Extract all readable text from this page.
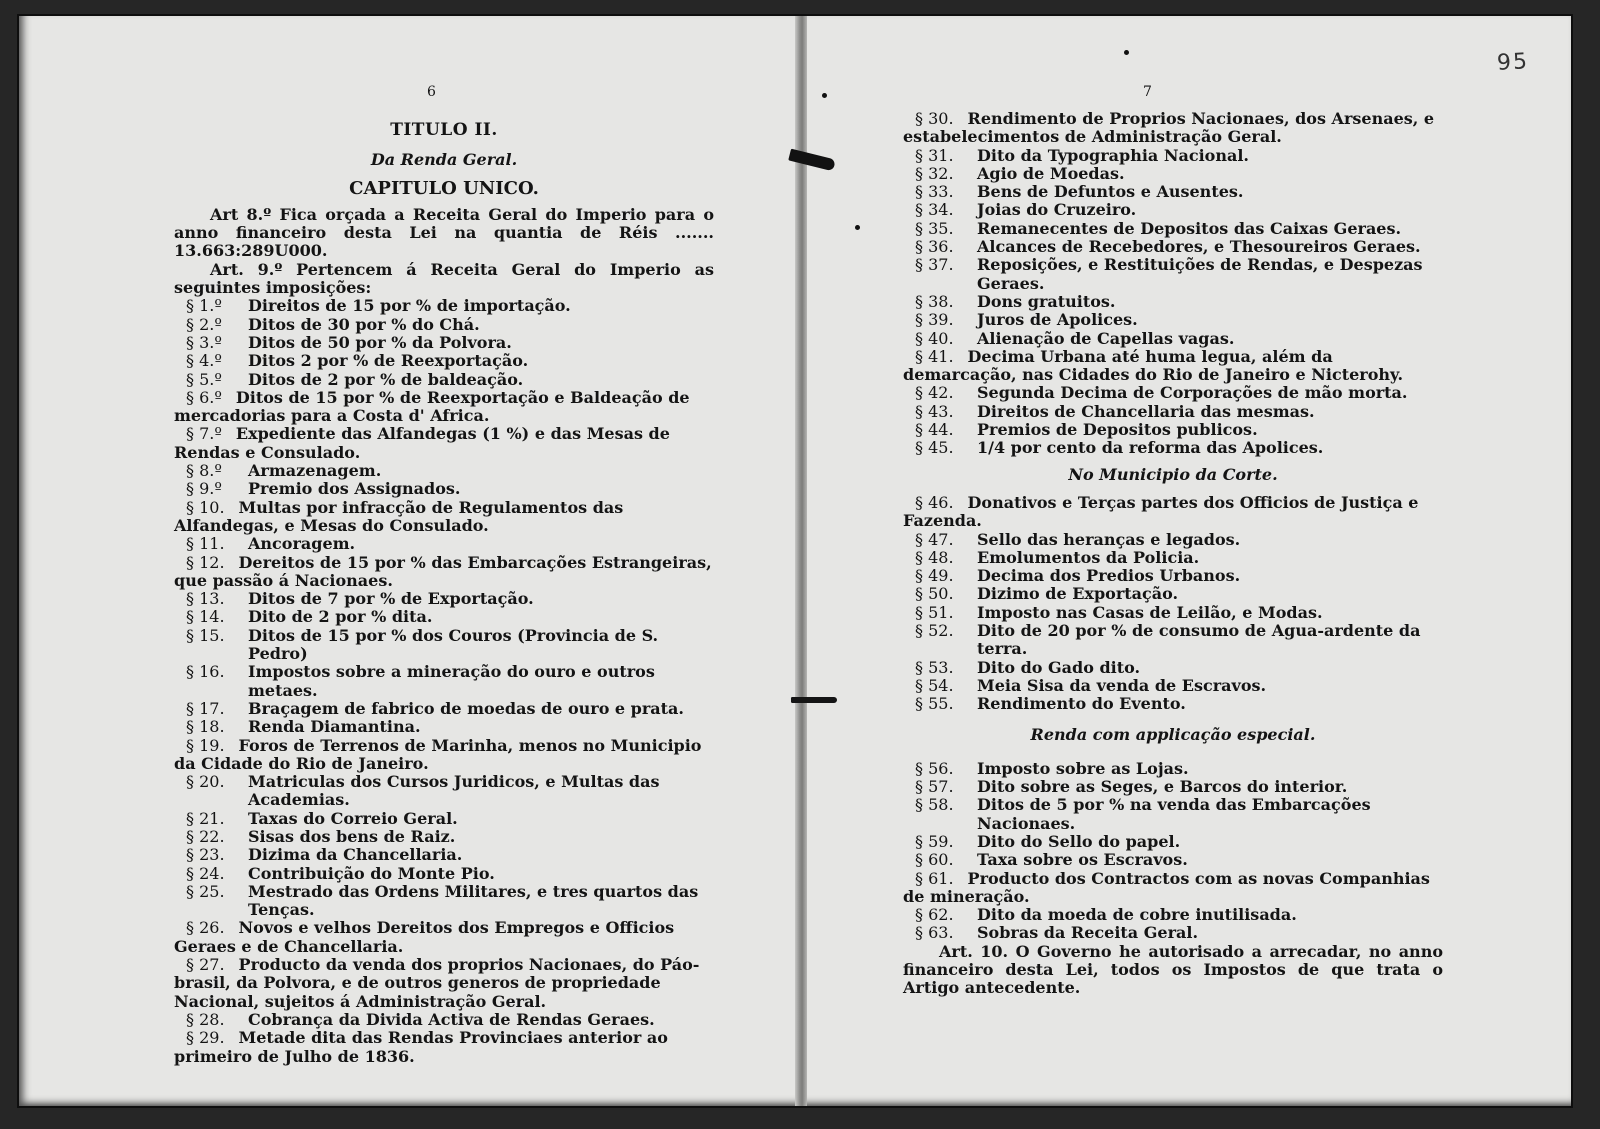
6
TITULO II.
Da Renda Geral.
CAPITULO UNICO.
Art 8.º Fica orçada a Receita Geral do Imperio para o anno financeiro desta Lei na quantia de Réis ....... 13.663:289U000.
Art. 9.º Pertencem á Receita Geral do Imperio as seguintes imposições:
§ 1.º	Direitos de 15 por % de importação.
§ 2.º	Ditos de 30 por % do Chá.
§ 3.º	Ditos de 50 por % da Polvora.
§ 4.º	Ditos 2 por % de Reexportação.
§ 5.º	Ditos de 2 por % de baldeação.
§ 6.º Ditos de 15 por % de Reexportação e Baldeação de mercadorias para a Costa d' Africa.
§ 7.º Expediente das Alfandegas (1 %) e das Mesas de Rendas e Consulado.
§ 8.º	Armazenagem.
§ 9.º	Premio dos Assignados.
§ 10. Multas por infracção de Regulamentos das Alfandegas, e Mesas do Consulado.
§ 11.	Ancoragem.
§ 12. Dereitos de 15 por % das Embarcações Estrangeiras, que passão á Nacionaes.
§ 13.	Ditos de 7 por % de Exportação.
§ 14.	Dito de 2 por % dita.
§ 15.	Ditos de 15 por % dos Couros (Provincia de S. Pedro)
§ 16.	Impostos sobre a mineração do ouro e outros metaes.
§ 17.	Braçagem de fabrico de moedas de ouro e prata.
§ 18.	Renda Diamantina.
§ 19. Foros de Terrenos de Marinha, menos no Municipio da Cidade do Rio de Janeiro.
§ 20.	Matriculas dos Cursos Juridicos, e Multas das Academias.
§ 21.	Taxas do Correio Geral.
§ 22.	Sisas dos bens de Raiz.
§ 23.	Dizima da Chancellaria.
§ 24.	Contribuição do Monte Pio.
§ 25.	Mestrado das Ordens Militares, e tres quartos das Tenças.
§ 26. Novos e velhos Dereitos dos Empregos e Officios Geraes e de Chancellaria.
§ 27. Producto da venda dos proprios Nacionaes, do Páo-brasil, da Polvora, e de outros generos de propriedade Nacional, sujeitos á Administração Geral.
§ 28.	Cobrança da Divida Activa de Rendas Geraes.
§ 29. Metade dita das Rendas Provinciaes anterior ao primeiro de Julho de 1836.
7
95
§ 30. Rendimento de Proprios Nacionaes, dos Arsenaes, e estabelecimentos de Administração Geral.
§ 31.	Dito da Typographia Nacional.
§ 32.	Agio de Moedas.
§ 33.	Bens de Defuntos e Ausentes.
§ 34.	Joias do Cruzeiro.
§ 35.	Remanecentes de Depositos das Caixas Geraes.
§ 36.	Alcances de Recebedores, e Thesoureiros Geraes.
§ 37.	Reposições, e Restituições de Rendas, e Despezas Geraes.
§ 38.	Dons gratuitos.
§ 39.	Juros de Apolices.
§ 40.	Alienação de Capellas vagas.
§ 41. Decima Urbana até huma legua, além da demarcação, nas Cidades do Rio de Janeiro e Nicterohy.
§ 42.	Segunda Decima de Corporações de mão morta.
§ 43.	Direitos de Chancellaria das mesmas.
§ 44.	Premios de Depositos publicos.
§ 45.	1/4 por cento da reforma das Apolices.
No Municipio da Corte.
§ 46. Donativos e Terças partes dos Officios de Justiça e Fazenda.
§ 47.	Sello das heranças e legados.
§ 48.	Emolumentos da Policia.
§ 49.	Decima dos Predios Urbanos.
§ 50.	Dizimo de Exportação.
§ 51.	Imposto nas Casas de Leilão, e Modas.
§ 52.	Dito de 20 por % de consumo de Agua-ardente da terra.
§ 53.	Dito do Gado dito.
§ 54.	Meia Sisa da venda de Escravos.
§ 55.	Rendimento do Evento.
Renda com applicação especial.
§ 56.	Imposto sobre as Lojas.
§ 57.	Dito sobre as Seges, e Barcos do interior.
§ 58.	Ditos de 5 por % na venda das Embarcações Nacionaes.
§ 59.	Dito do Sello do papel.
§ 60.	Taxa sobre os Escravos.
§ 61. Producto dos Contractos com as novas Companhias de mineração.
§ 62.	Dito da moeda de cobre inutilisada.
§ 63.	Sobras da Receita Geral.
Art. 10. O Governo he autorisado a arrecadar, no anno financeiro desta Lei, todos os Impostos de que trata o Artigo antecedente.
